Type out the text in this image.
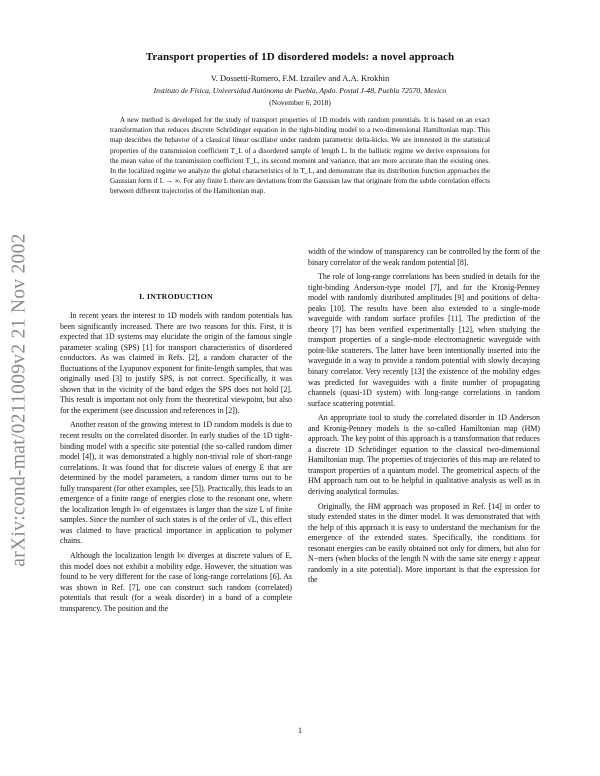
arXiv:cond-mat/0211009v2 21 Nov 2002
Transport properties of 1D disordered models: a novel approach
V. Dossetti-Romero, F.M. Izrailev and A.A. Krokhin
Instituto de Física, Universidad Autónoma de Puebla, Apdo. Postal J-48, Puebla 72570, Mexico
(November 6, 2018)

A new method is developed for the study of transport properties of 1D models with random potentials. It is based on an exact transformation that reduces discrete Schrödinger equation in the tight-binding model to a two-dimensional Hamiltonian map. This map describes the behavior of a classical linear oscillator under random parametric delta-kicks. We are interested in the statistical properties of the transmission coefficient T_L of a disordered sample of length L. In the ballistic regime we derive expressions for the mean value of the transmission coefficient T_L, its second moment and variance, that are more accurate than the existing ones. In the localized regime we analyze the global characteristics of ln T_L, and demonstrate that its distribution function approaches the Gaussian form if L → ∞. For any finite L there are deviations from the Gaussian law that originate from the subtle correlation effects between different trajectories of the Hamiltonian map.

I. INTRODUCTION

In recent years the interest to 1D models with random potentials has been significantly increased. There are two reasons for this. First, it is expected that 1D systems may elucidate the origin of the famous single parameter scaling (SPS) [1] for transport characteristics of disordered conductors. As was claimed in Refs. [2], a random character of the fluctuations of the Lyapunov exponent for finite-length samples, that was originally used [3] to justify SPS, is not correct. Specifically, it was shown that in the vicinity of the band edges the SPS does not hold [2]. This result is important not only from the theoretical viewpoint, but also for the experiment (see discussion and references in [2]).

Another reason of the growing interest to 1D random models is due to recent results on the correlated disorder. In early studies of the 1D tight-binding model with a specific site potential (the so-called random dimer model [4]), it was demonstrated a highly non-trivial role of short-range correlations. It was found that for discrete values of energy E that are determined by the model parameters, a random dimer turns out to be fully transparent (for other examples, see [5]). Practically, this leads to an emergence of a finite range of energies close to the resonant one, where the localization length l∞ of eigenstates is larger than the size L of finite samples. Since the number of such states is of the order of √L, this effect was claimed to have practical importance in application to polymer chains.

Although the localization length l∞ diverges at discrete values of E, this model does not exhibit a mobility edge. However, the situation was found to be very different for the case of long-range correlations [6]. As was shown in Ref. [7], one can construct such random (correlated) potentials that result (for a weak disorder) in a band of a complete transparency. The position and the

width of the window of transparency can be controlled by the form of the binary correlator of the weak random potential [8].

The role of long-range correlations has been studied in details for the tight-binding Anderson-type model [7], and for the Kronig-Penney model with randomly distributed amplitudes [9] and positions of delta-peaks [10]. The results have been also extended to a single-mode waveguide with random surface profiles [11]. The prediction of the theory [7] has been verified experimentally [12], when studying the transport properties of a single-mode electromagnetic waveguide with point-like scatterers. The latter have been intentionally inserted into the waveguide in a way to provide a random potential with slowly decaying binary correlator. Very recently [13] the existence of the mobility edges was predicted for waveguides with a finite number of propagating channels (quasi-1D system) with long-range correlations in random surface scattering potential.

An appropriate tool to study the correlated disorder in 1D Anderson and Kronig-Penney models is the so-called Hamiltonian map (HM) approach. The key point of this approach is a transformation that reduces a discrete 1D Schrödinger equation to the classical two-dimensional Hamiltonian map. The properties of trajectories of this map are related to transport properties of a quantum model. The geometrical aspects of the HM approach turn out to be helpful in qualitative analysis as well as in deriving analytical formulas.

Originally, the HM approach was proposed in Ref. [14] in order to study extended states in the dimer model. It was demonstrated that with the help of this approach it is easy to understand the mechanism for the emergence of the extended states. Specifically, the conditions for resonant energies can be easily obtained not only for dimers, but also for N−mers (when blocks of the length N with the same site energy ε appear randomly in a site potential). More important is that the expression for the

1
